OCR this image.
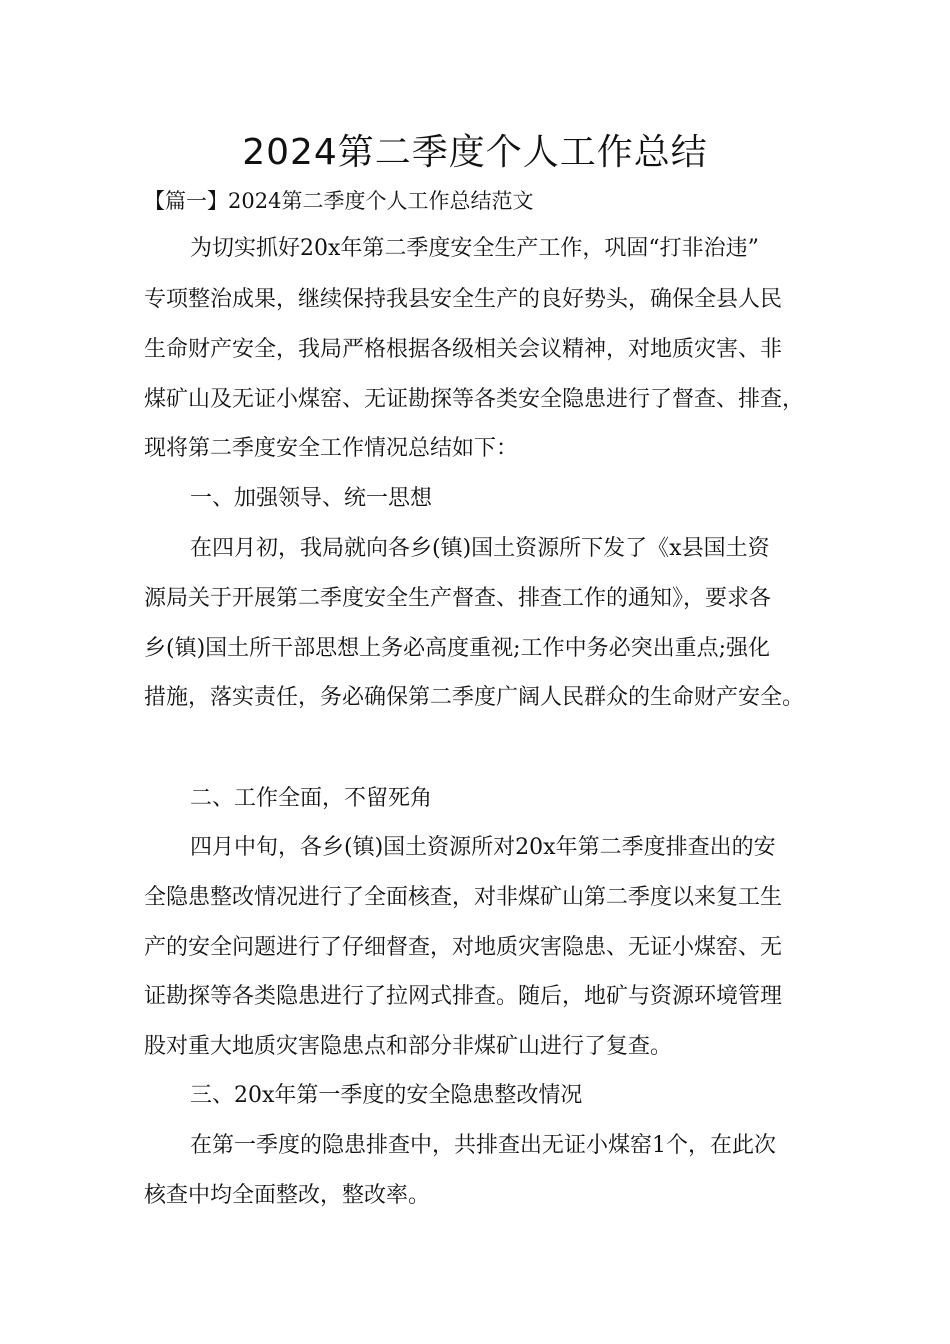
2024第二季度个人工作总结

【篇一】2024第二季度个人工作总结范文

为切实抓好20x年第二季度安全生产工作，巩固“打非治违”

专项整治成果，继续保持我县安全生产的良好势头，确保全县人民

生命财产安全，我局严格根据各级相关会议精神，对地质灾害、非

煤矿山及无证小煤窑、无证勘探等各类安全隐患进行了督查、排查，

现将第二季度安全工作情况总结如下：

一、加强领导、统一思想

在四月初，我局就向各乡(镇)国土资源所下发了《x县国土资

源局关于开展第二季度安全生产督查、排查工作的通知》，要求各

乡(镇)国土所干部思想上务必高度重视;工作中务必突出重点;强化

措施，落实责任，务必确保第二季度广阔人民群众的生命财产安全。

二、工作全面，不留死角

四月中旬，各乡(镇)国土资源所对20x年第二季度排查出的安

全隐患整改情况进行了全面核查，对非煤矿山第二季度以来复工生

产的安全问题进行了仔细督查，对地质灾害隐患、无证小煤窑、无

证勘探等各类隐患进行了拉网式排查。随后，地矿与资源环境管理

股对重大地质灾害隐患点和部分非煤矿山进行了复查。

三、20x年第一季度的安全隐患整改情况

在第一季度的隐患排查中，共排查出无证小煤窑1个，在此次

核查中均全面整改，整改率。
